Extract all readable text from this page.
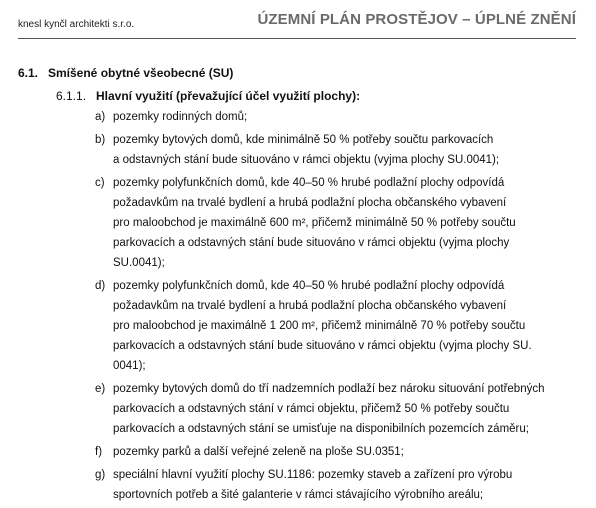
knesl kynčl architekti s.r.o.	ÚZEMNÍ PLÁN PROSTĚJOV – ÚPLNÉ ZNĚNÍ
6.1. Smíšené obytné všeobecné (SU)
6.1.1. Hlavní využití (převažující účel využití plochy):
a) pozemky rodinných domů;
b) pozemky bytových domů, kde minimálně 50 % potřeby součtu parkovacích
a odstavných stání bude situováno v rámci objektu (vyjma plochy SU.0041);
c) pozemky polyfunkčních domů, kde 40–50 % hrubé podlažní plochy odpovídá
požadavkům na trvalé bydlení a hrubá podlažní plocha občanského vybavení
pro maloobchod je maximálně 600 m², přičemž minimálně 50 % potřeby součtu
parkovacích a odstavných stání bude situováno v rámci objektu (vyjma plochy
SU.0041);
d) pozemky polyfunkčních domů, kde 40–50 % hrubé podlažní plochy odpovídá
požadavkům na trvalé bydlení a hrubá podlažní plocha občanského vybavení
pro maloobchod je maximálně 1 200 m², přičemž minimálně 70 % potřeby součtu
parkovacích a odstavných stání bude situováno v rámci objektu (vyjma plochy SU.
0041);
e) pozemky bytových domů do tří nadzemních podlaží bez nároku situování potřebných
parkovacích a odstavných stání v rámci objektu, přičemž 50 % potřeby součtu
parkovacích a odstavných stání se umisťuje na disponibilních pozemcích záměru;
f) pozemky parků a další veřejné zeleně na ploše SU.0351;
g) speciální hlavní využití plochy SU.1186: pozemky staveb a zařízení pro výrobu
sportovních potřeb a šité galanterie v rámci stávajícího výrobního areálu;
